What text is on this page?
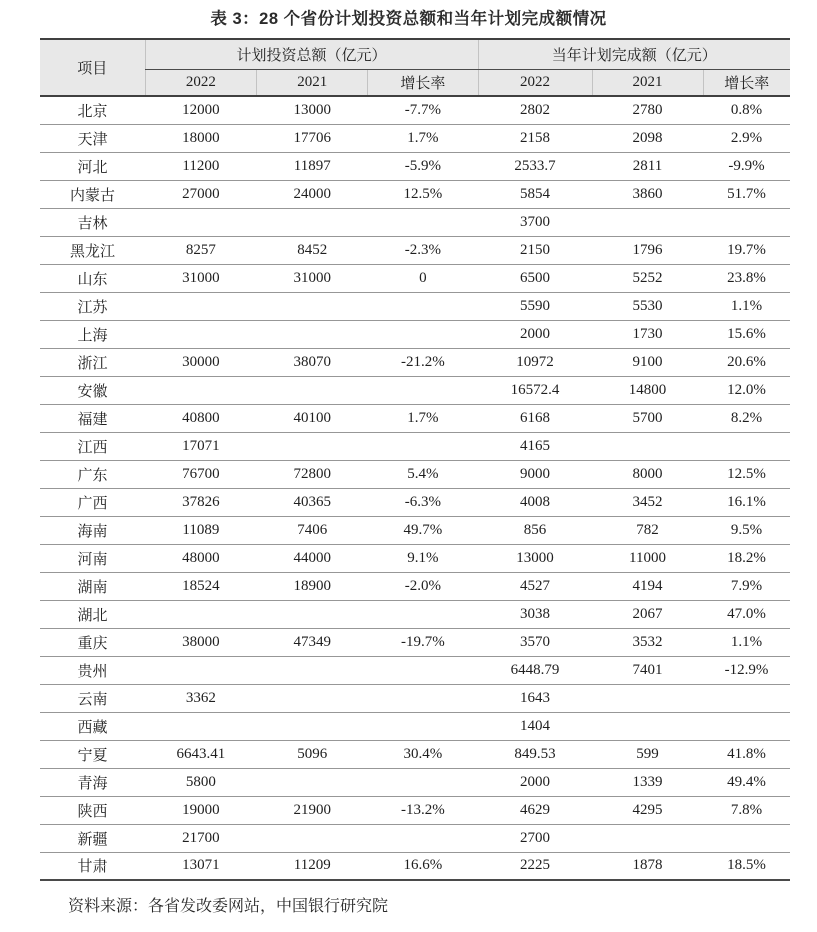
表 3：28 个省份计划投资总额和当年计划完成额情况
项目	计划投资总额（亿元）			当年计划完成额（亿元）		
	2022	2021	增长率	2022	2021	增长率
北京	12000	13000	-7.7%	2802	2780	0.8%
天津	18000	17706	1.7%	2158	2098	2.9%
河北	11200	11897	-5.9%	2533.7	2811	-9.9%
内蒙古	27000	24000	12.5%	5854	3860	51.7%
吉林				3700		
黑龙江	8257	8452	-2.3%	2150	1796	19.7%
山东	31000	31000	0	6500	5252	23.8%
江苏				5590	5530	1.1%
上海				2000	1730	15.6%
浙江	30000	38070	-21.2%	10972	9100	20.6%
安徽				16572.4	14800	12.0%
福建	40800	40100	1.7%	6168	5700	8.2%
江西	17071			4165		
广东	76700	72800	5.4%	9000	8000	12.5%
广西	37826	40365	-6.3%	4008	3452	16.1%
海南	11089	7406	49.7%	856	782	9.5%
河南	48000	44000	9.1%	13000	11000	18.2%
湖南	18524	18900	-2.0%	4527	4194	7.9%
湖北				3038	2067	47.0%
重庆	38000	47349	-19.7%	3570	3532	1.1%
贵州				6448.79	7401	-12.9%
云南	3362			1643		
西藏				1404		
宁夏	6643.41	5096	30.4%	849.53	599	41.8%
青海	5800			2000	1339	49.4%
陕西	19000	21900	-13.2%	4629	4295	7.8%
新疆	21700			2700		
甘肃	13071	11209	16.6%	2225	1878	18.5%
资料来源：各省发改委网站，中国银行研究院
